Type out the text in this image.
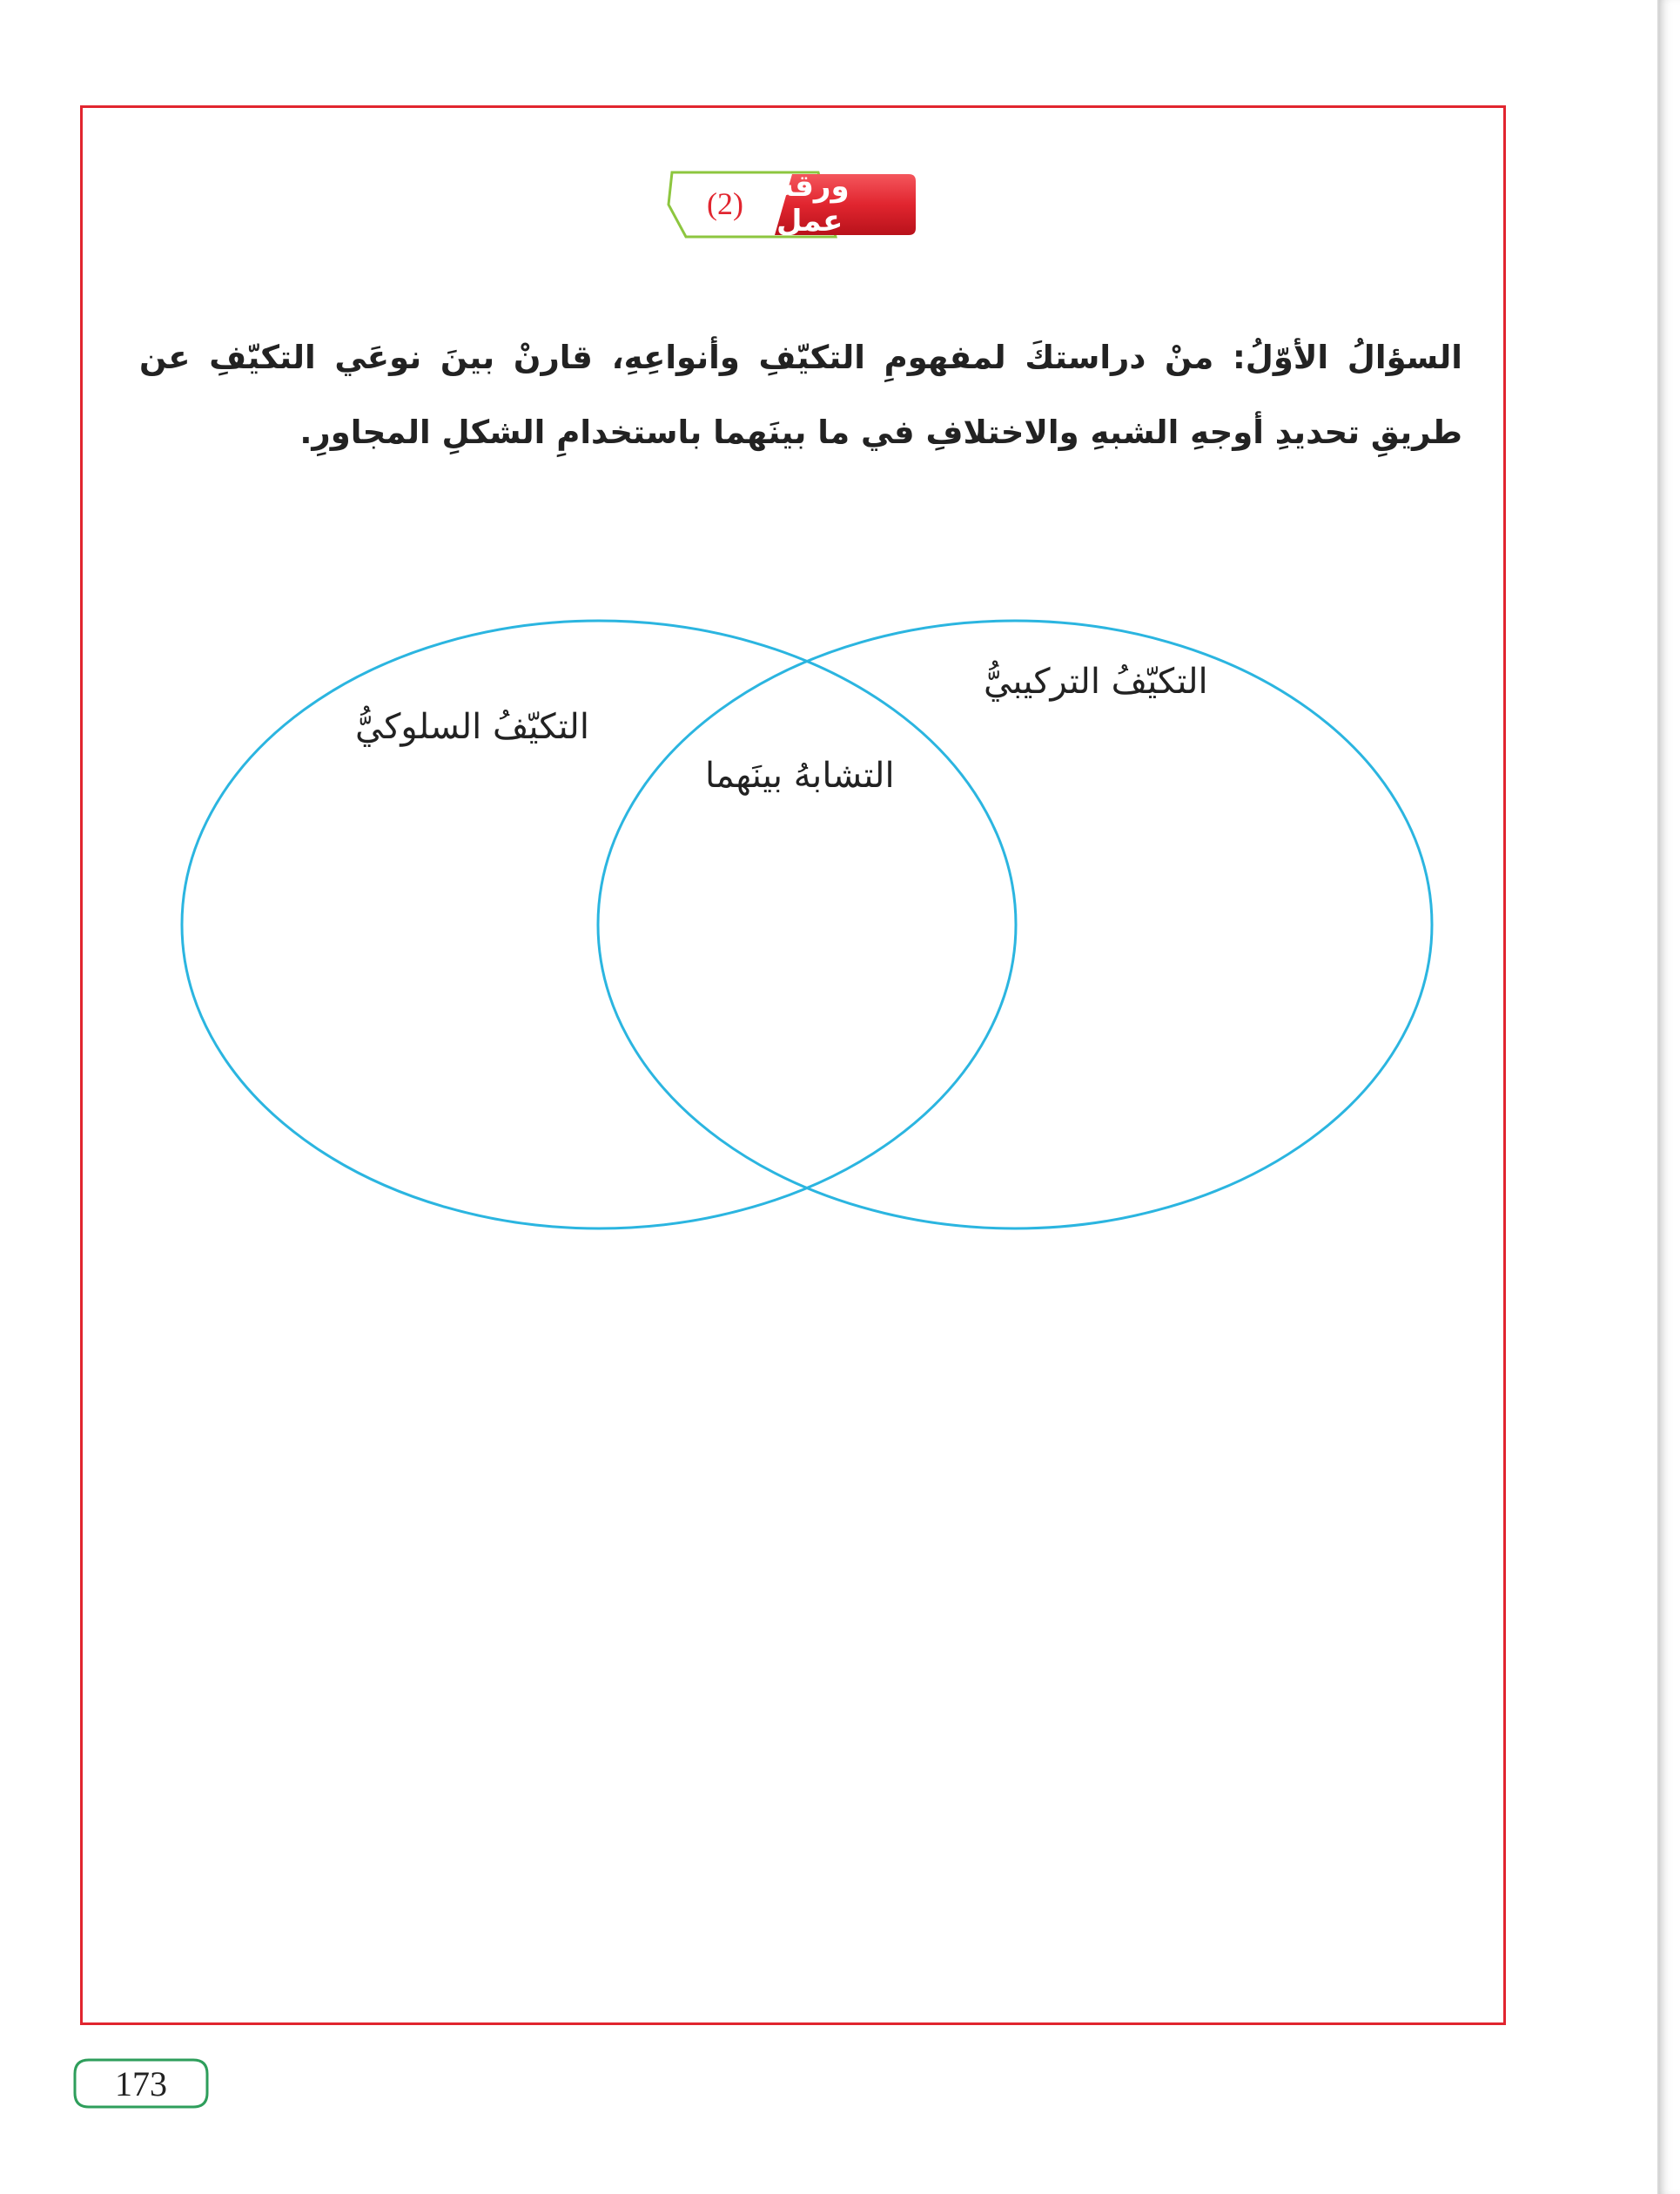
(2)	ورقة عمل
السؤالُ الأوّلُ: منْ دراستكَ لمفهومِ التكيّفِ وأنواعِهِ، قارنْ بينَ نوعَي التكيّفِ عن طريقِ تحديدِ أوجهِ الشبهِ والاختلافِ في ما بينَهما باستخدامِ الشكلِ المجاورِ.
التكيّفُ السلوكيُّ
التكيّفُ التركيبيُّ
التشابهُ بينَهما
173
